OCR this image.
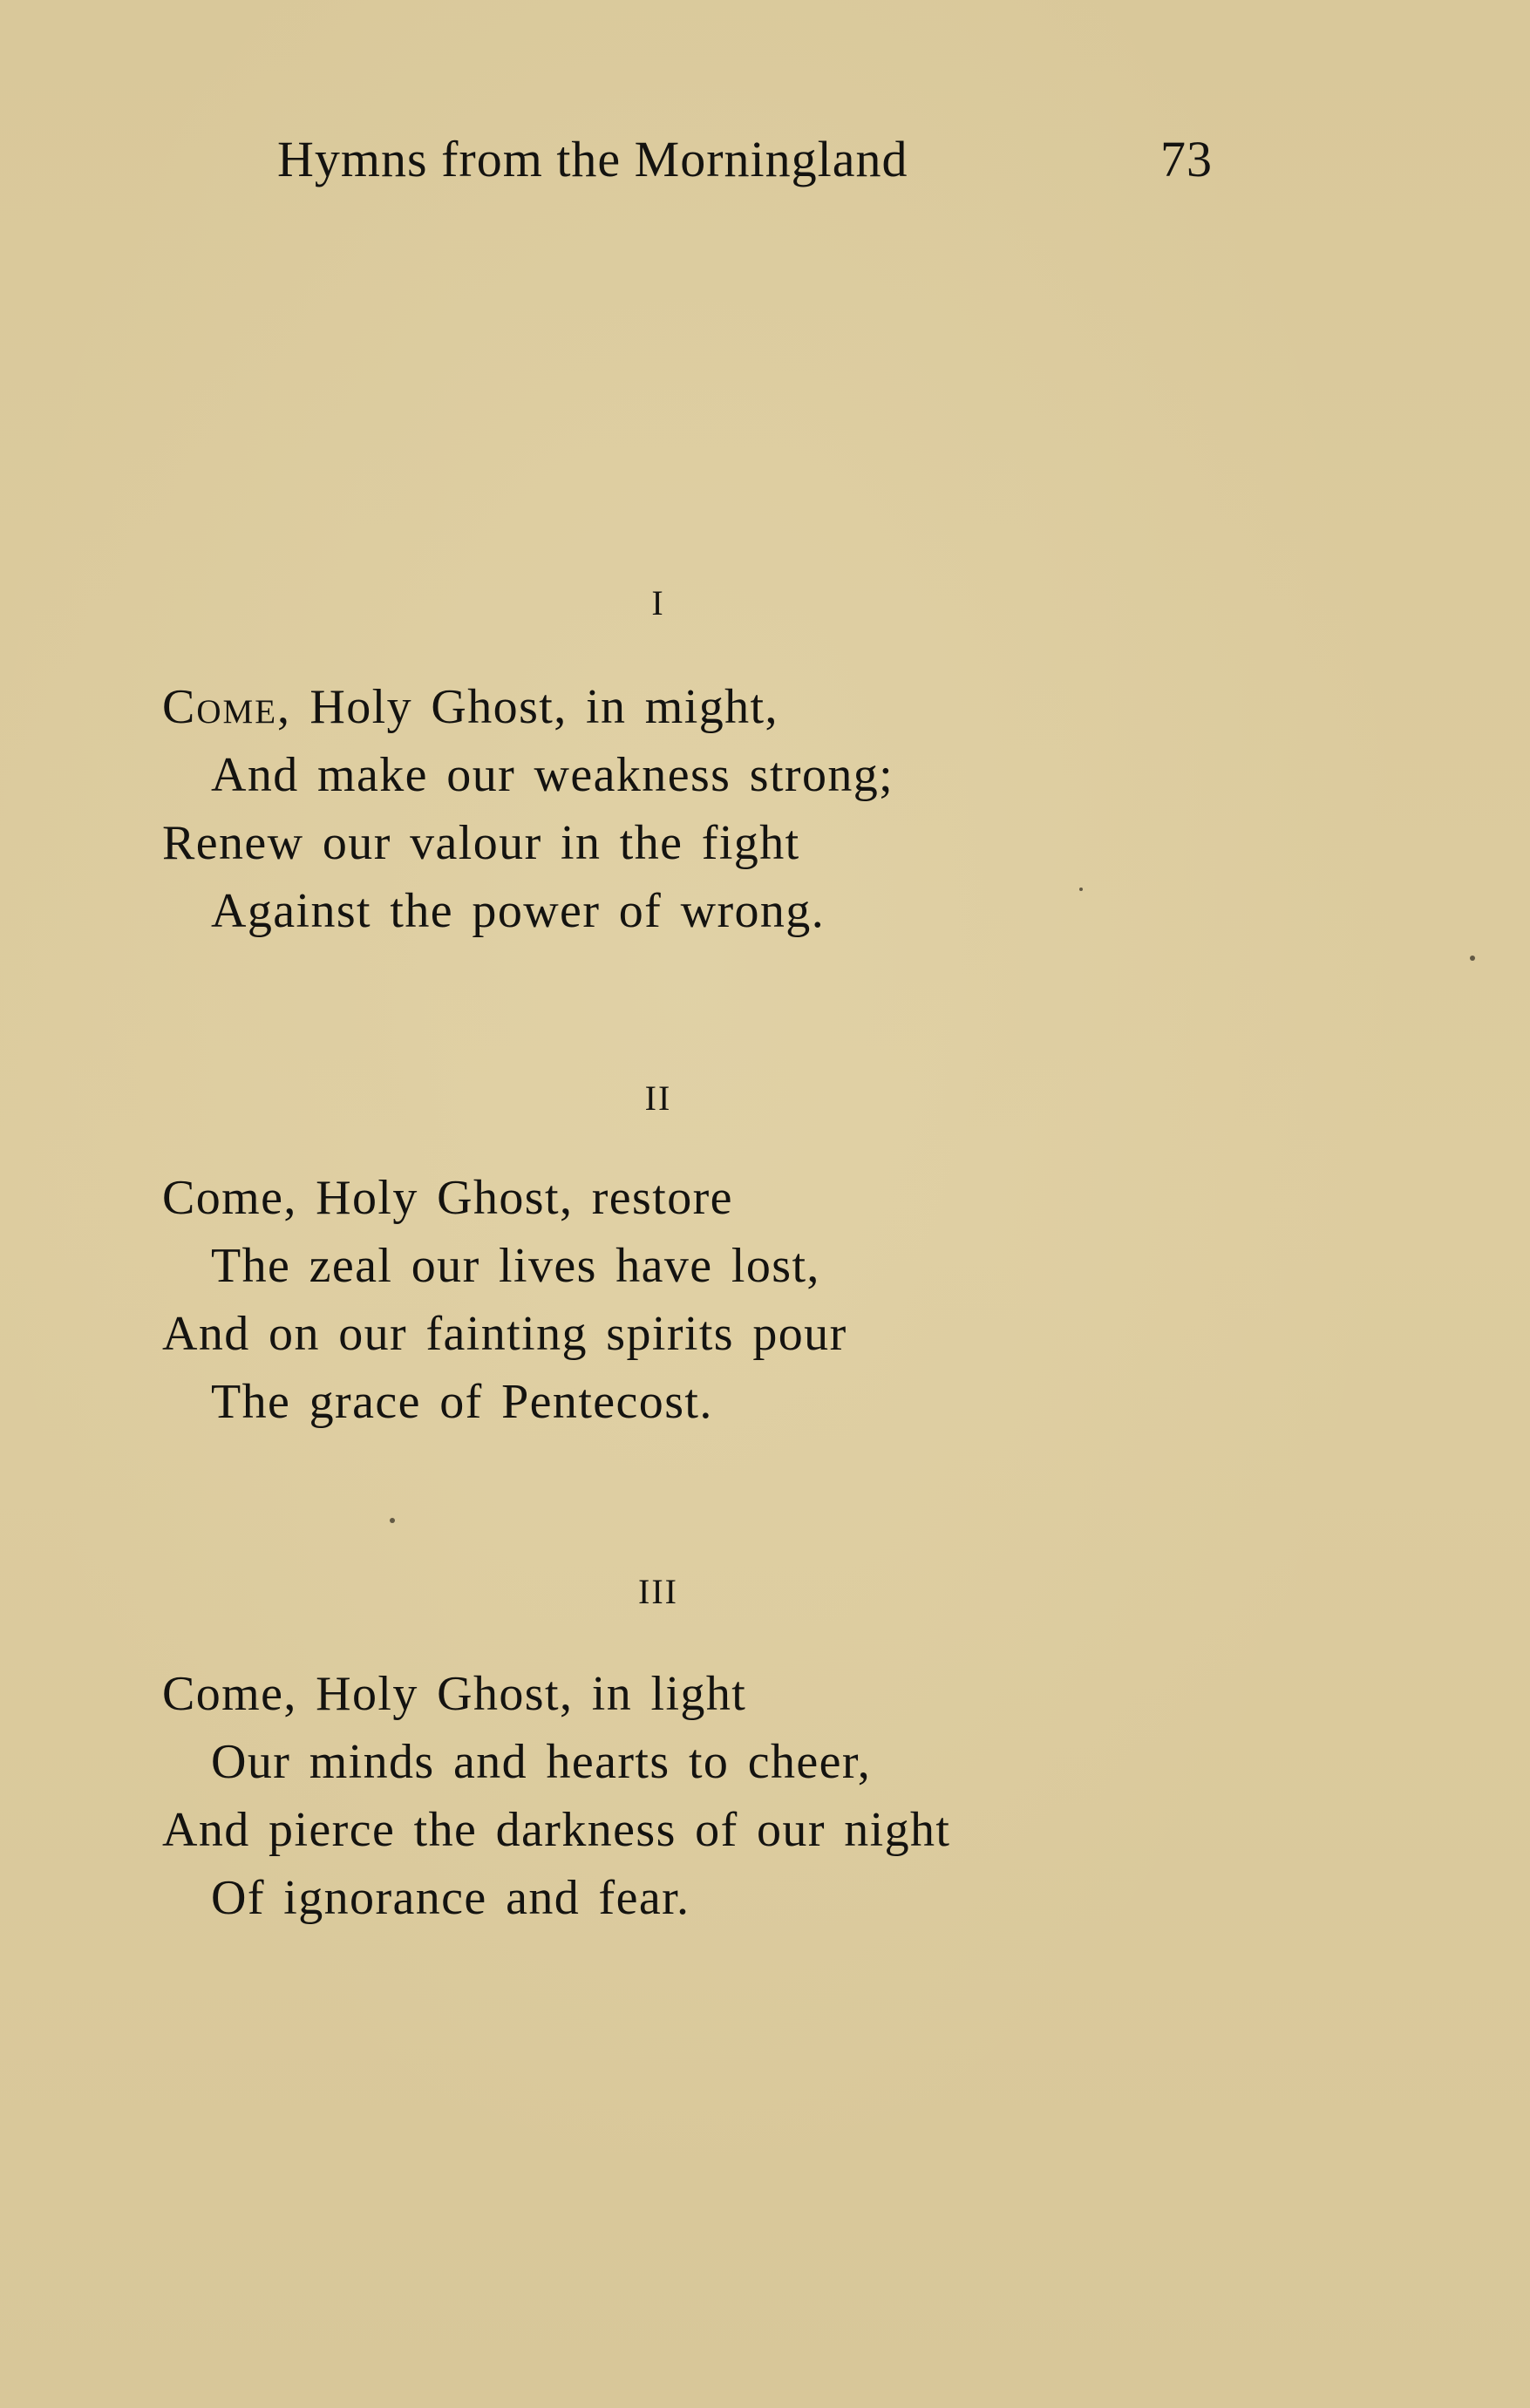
Hymns from the Morningland	73
I
Come, Holy Ghost, in might,
And make our weakness strong;
Renew our valour in the fight
Against the power of wrong.
II
Come, Holy Ghost, restore
The zeal our lives have lost,
And on our fainting spirits pour
The grace of Pentecost.
III
Come, Holy Ghost, in light
Our minds and hearts to cheer,
And pierce the darkness of our night
Of ignorance and fear.
